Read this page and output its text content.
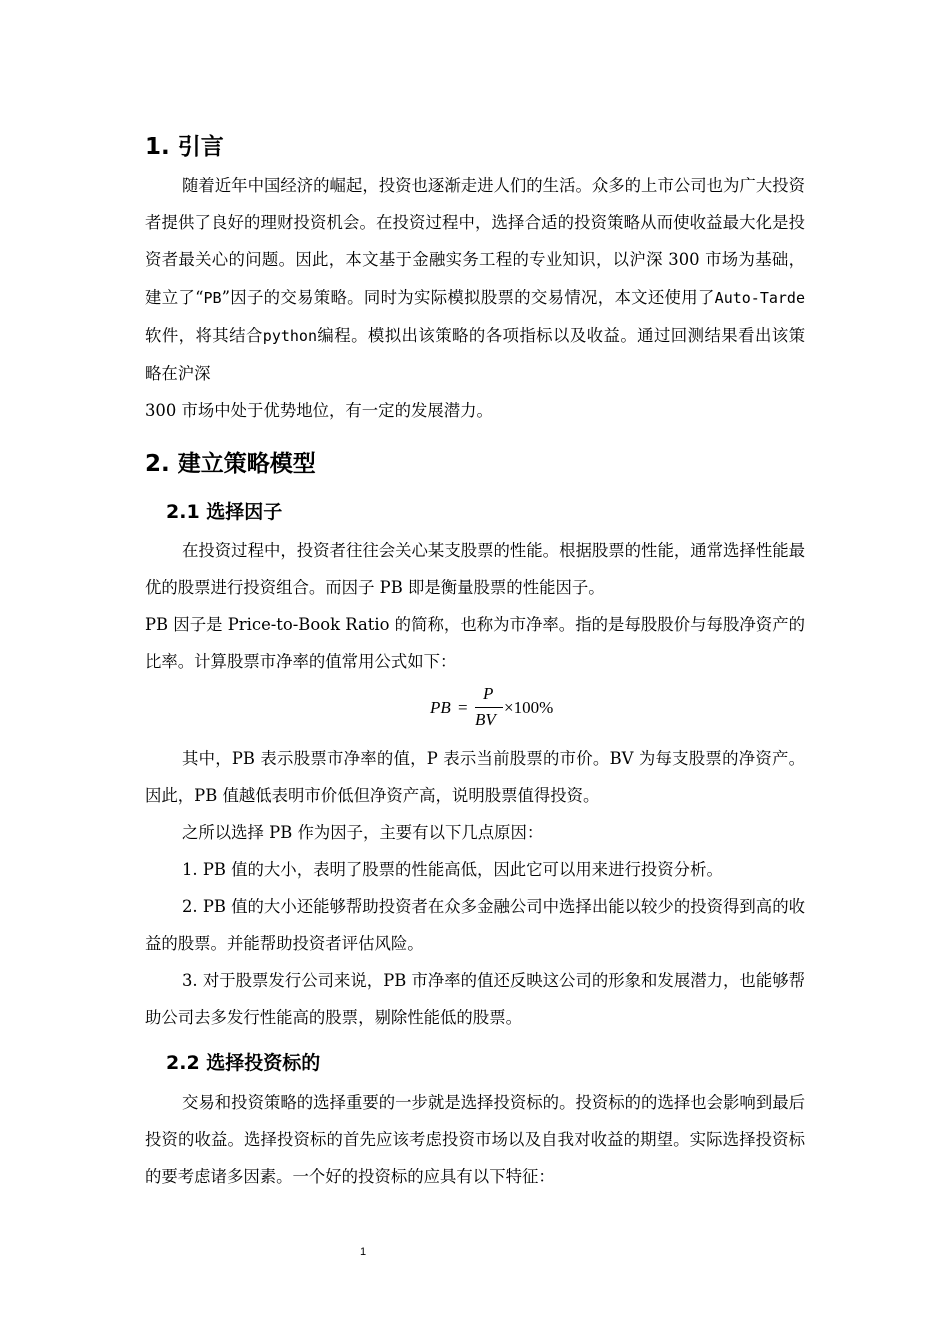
1. 引言

随着近年中国经济的崛起，投资也逐渐走进人们的生活。众多的上市公司也为广大投资者提供了良好的理财投资机会。在投资过程中，选择合适的投资策略从而使收益最大化是投资者最关心的问题。因此，本文基于金融实务工程的专业知识，以沪深 300 市场为基础，建立了“PB”因子的交易策略。同时为实际模拟股票的交易情况，本文还使用了Auto-Tarde 软件，将其结合python编程。模拟出该策略的各项指标以及收益。通过回测结果看出该策略在沪深
300 市场中处于优势地位，有一定的发展潜力。

2. 建立策略模型
2.1 选择因子

在投资过程中，投资者往往会关心某支股票的性能。根据股票的性能，通常选择性能最优的股票进行投资组合。而因子 PB 即是衡量股票的性能因子。

PB 因子是 Price-to-Book Ratio 的简称，也称为市净率。指的是每股股价与每股净资产的比率。计算股票市净率的值常用公式如下：

PB =
P
BV
×100%

其中，PB 表示股票市净率的值，P 表示当前股票的市价。BV 为每支股票的净资产。因此，PB 值越低表明市价低但净资产高，说明股票值得投资。

之所以选择 PB 作为因子，主要有以下几点原因：

1. PB 值的大小，表明了股票的性能高低，因此它可以用来进行投资分析。

2. PB 值的大小还能够帮助投资者在众多金融公司中选择出能以较少的投资得到高的收益的股票。并能帮助投资者评估风险。

3. 对于股票发行公司来说，PB 市净率的值还反映这公司的形象和发展潜力，也能够帮助公司去多发行性能高的股票，剔除性能低的股票。

2.2 选择投资标的

交易和投资策略的选择重要的一步就是选择投资标的。投资标的的选择也会影响到最后投资的收益。选择投资标的首先应该考虑投资市场以及自我对收益的期望。实际选择投资标的要考虑诸多因素。一个好的投资标的应具有以下特征：

1
